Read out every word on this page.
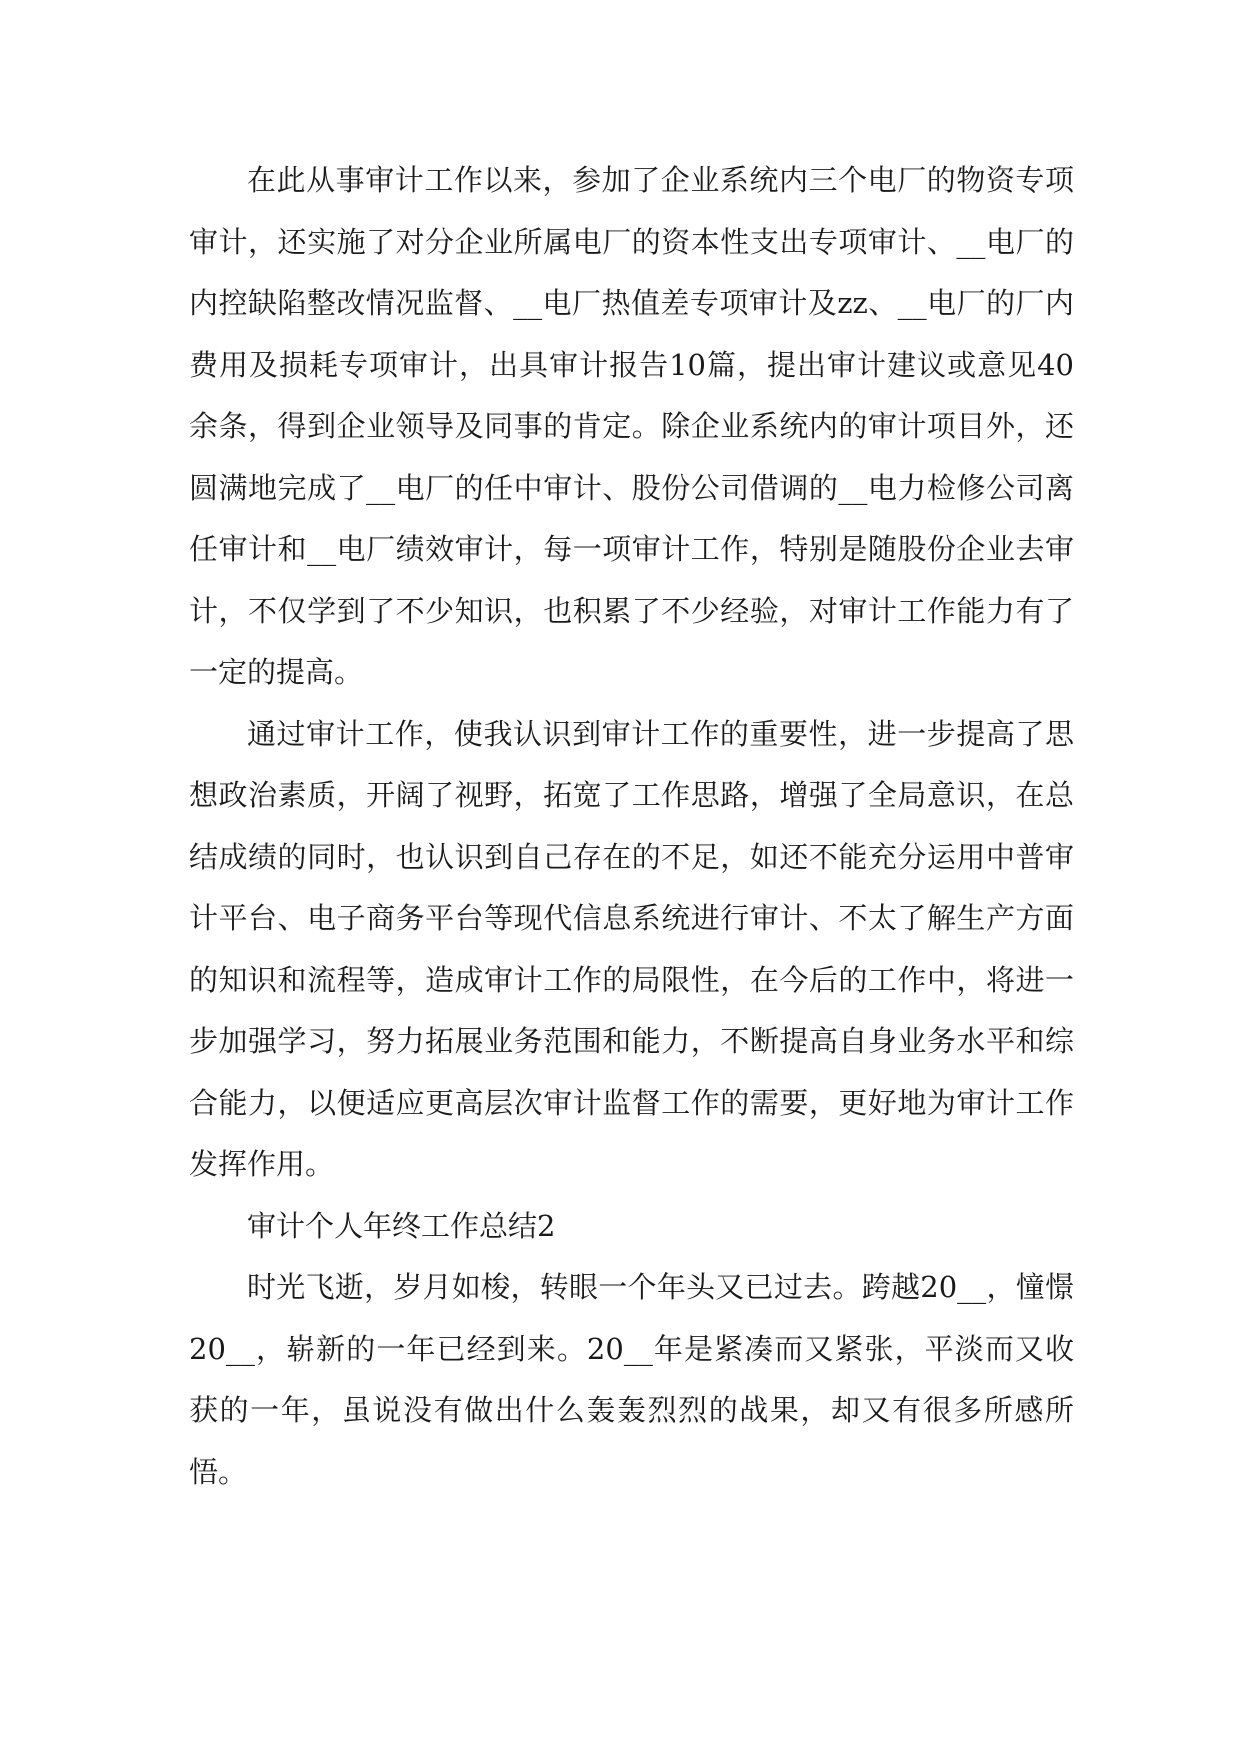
在此从事审计工作以来，参加了企业系统内三个电厂的物资专项审计，还实施了对分企业所属电厂的资本性支出专项审计、__电厂的内控缺陷整改情况监督、__电厂热值差专项审计及zz、__电厂的厂内费用及损耗专项审计，出具审计报告10篇，提出审计建议或意见40余条，得到企业领导及同事的肯定。除企业系统内的审计项目外，还圆满地完成了__电厂的任中审计、股份公司借调的__电力检修公司离任审计和__电厂绩效审计，每一项审计工作，特别是随股份企业去审计，不仅学到了不少知识，也积累了不少经验，对审计工作能力有了一定的提高。

通过审计工作，使我认识到审计工作的重要性，进一步提高了思想政治素质，开阔了视野，拓宽了工作思路，增强了全局意识，在总结成绩的同时，也认识到自己存在的不足，如还不能充分运用中普审计平台、电子商务平台等现代信息系统进行审计、不太了解生产方面的知识和流程等，造成审计工作的局限性，在今后的工作中，将进一步加强学习，努力拓展业务范围和能力，不断提高自身业务水平和综合能力，以便适应更高层次审计监督工作的需要，更好地为审计工作发挥作用。

审计个人年终工作总结2

时光飞逝，岁月如梭，转眼一个年头又已过去。跨越20__，憧憬20__，崭新的一年已经到来。20__年是紧凑而又紧张，平淡而又收获的一年，虽说没有做出什么轰轰烈烈的战果，却又有很多所感所悟。
